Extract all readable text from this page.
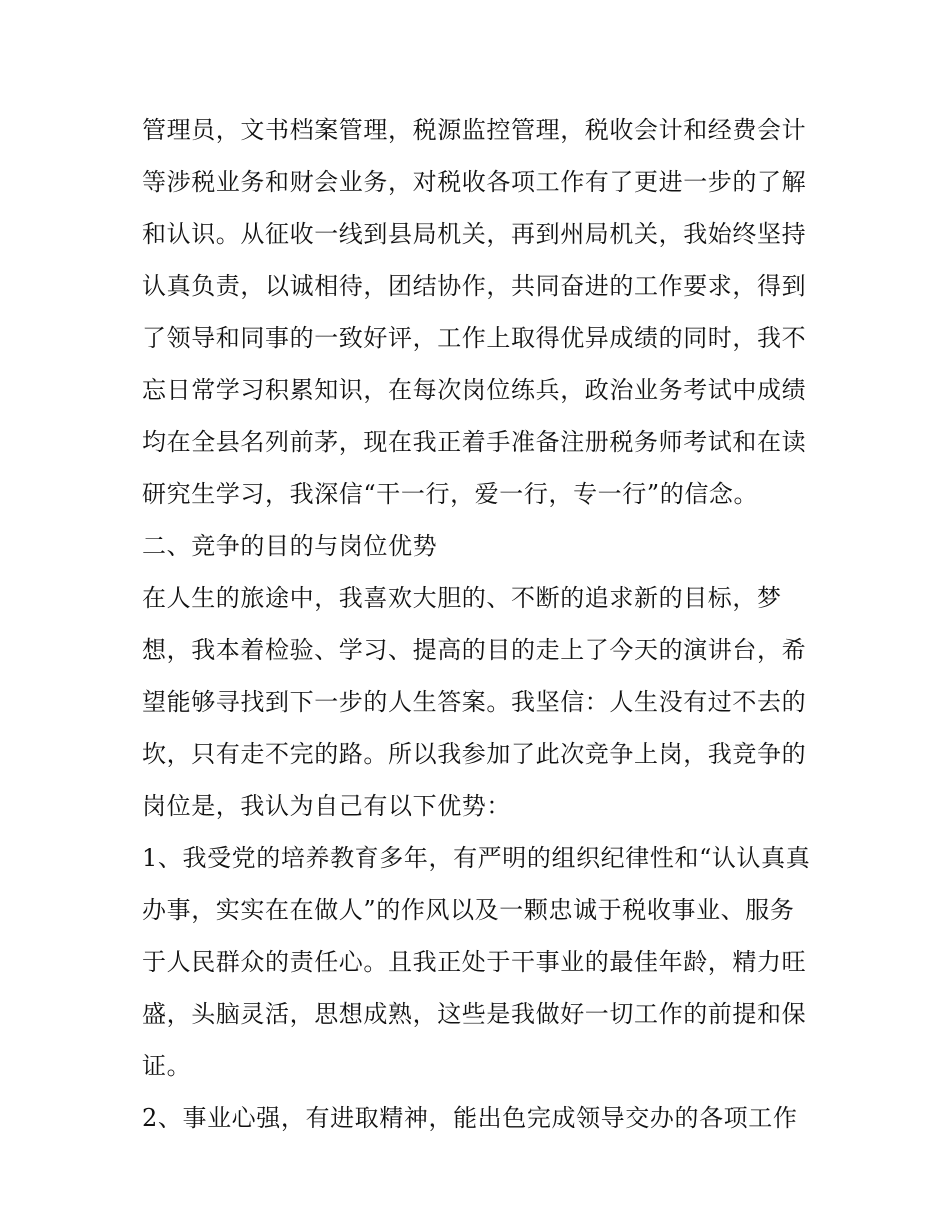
管理员，文书档案管理，税源监控管理，税收会计和经费会计
等涉税业务和财会业务，对税收各项工作有了更进一步的了解
和认识。从征收一线到县局机关，再到州局机关，我始终坚持
认真负责，以诚相待，团结协作，共同奋进的工作要求，得到
了领导和同事的一致好评，工作上取得优异成绩的同时，我不
忘日常学习积累知识，在每次岗位练兵，政治业务考试中成绩
均在全县名列前茅，现在我正着手准备注册税务师考试和在读
研究生学习，我深信“干一行，爱一行，专一行”的信念。
二、竞争的目的与岗位优势
在人生的旅途中，我喜欢大胆的、不断的追求新的目标，梦
想，我本着检验、学习、提高的目的走上了今天的演讲台，希
望能够寻找到下一步的人生答案。我坚信：人生没有过不去的
坎，只有走不完的路。所以我参加了此次竞争上岗，我竞争的
岗位是，我认为自己有以下优势：
1、我受党的培养教育多年，有严明的组织纪律性和“认认真真
办事，实实在在做人”的作风以及一颗忠诚于税收事业、服务
于人民群众的责任心。且我正处于干事业的最佳年龄，精力旺
盛，头脑灵活，思想成熟，这些是我做好一切工作的前提和保
证。
2、事业心强，有进取精神，能出色完成领导交办的各项工作
